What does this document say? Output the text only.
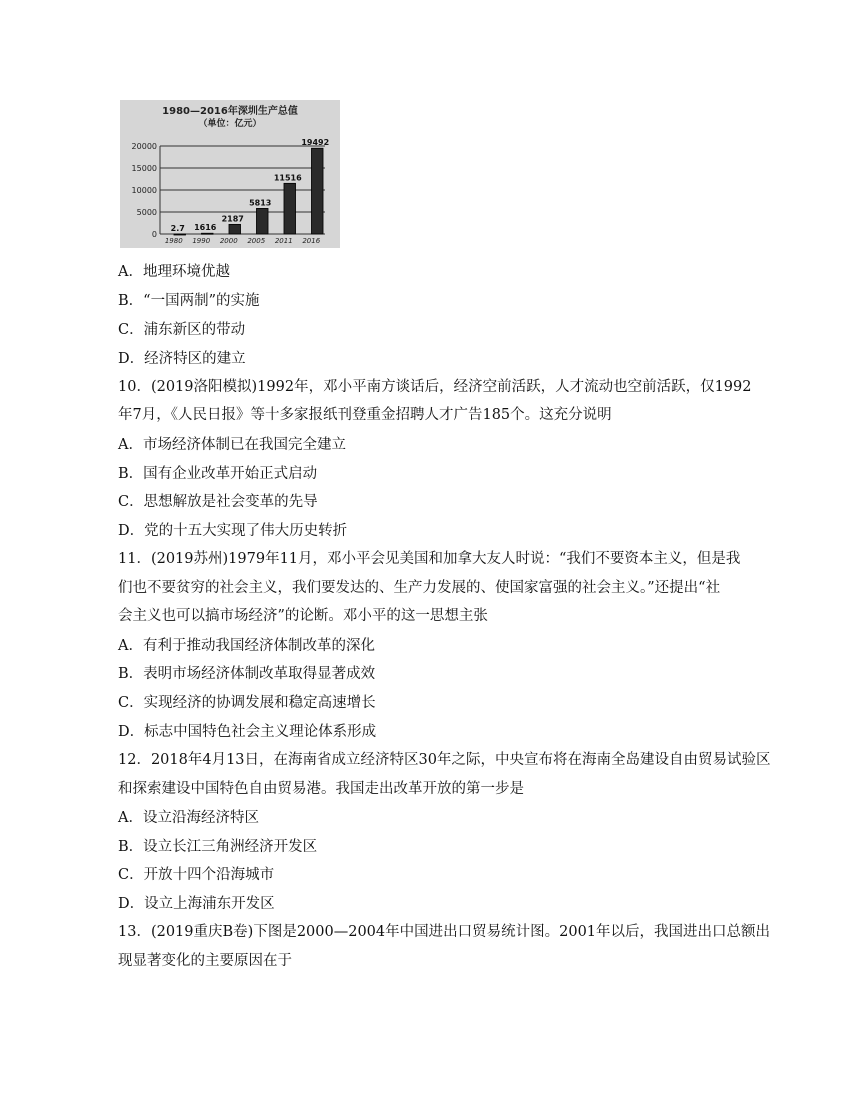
1980—2016年深圳生产总值
（单位：亿元）
0
5000
10000
15000
20000
1980 1990 2000 2005 2011 2016
2.7 1616
2187
5813
11516
19492
A．地理环境优越
B．“一国两制”的实施
C．浦东新区的带动
D．经济特区的建立
10．(2019洛阳模拟)1992年，邓小平南方谈话后，经济空前活跃，人才流动也空前活跃，仅1992
年7月，《人民日报》等十多家报纸刊登重金招聘人才广告185个。这充分说明
A．市场经济体制已在我国完全建立
B．国有企业改革开始正式启动
C．思想解放是社会变革的先导
D．党的十五大实现了伟大历史转折
11．(2019苏州)1979年11月，邓小平会见美国和加拿大友人时说：“我们不要资本主义，但是我
们也不要贫穷的社会主义，我们要发达的、生产力发展的、使国家富强的社会主义。”还提出“社
会主义也可以搞市场经济”的论断。邓小平的这一思想主张
A．有利于推动我国经济体制改革的深化
B．表明市场经济体制改革取得显著成效
C．实现经济的协调发展和稳定高速增长
D．标志中国特色社会主义理论体系形成
12．2018年4月13日，在海南省成立经济特区30年之际，中央宣布将在海南全岛建设自由贸易试验区
和探索建设中国特色自由贸易港。我国走出改革开放的第一步是
A．设立沿海经济特区
B．设立长江三角洲经济开发区
C．开放十四个沿海城市
D．设立上海浦东开发区
13．(2019重庆B卷)下图是2000—2004年中国进出口贸易统计图。2001年以后，我国进出口总额出
现显著变化的主要原因在于
